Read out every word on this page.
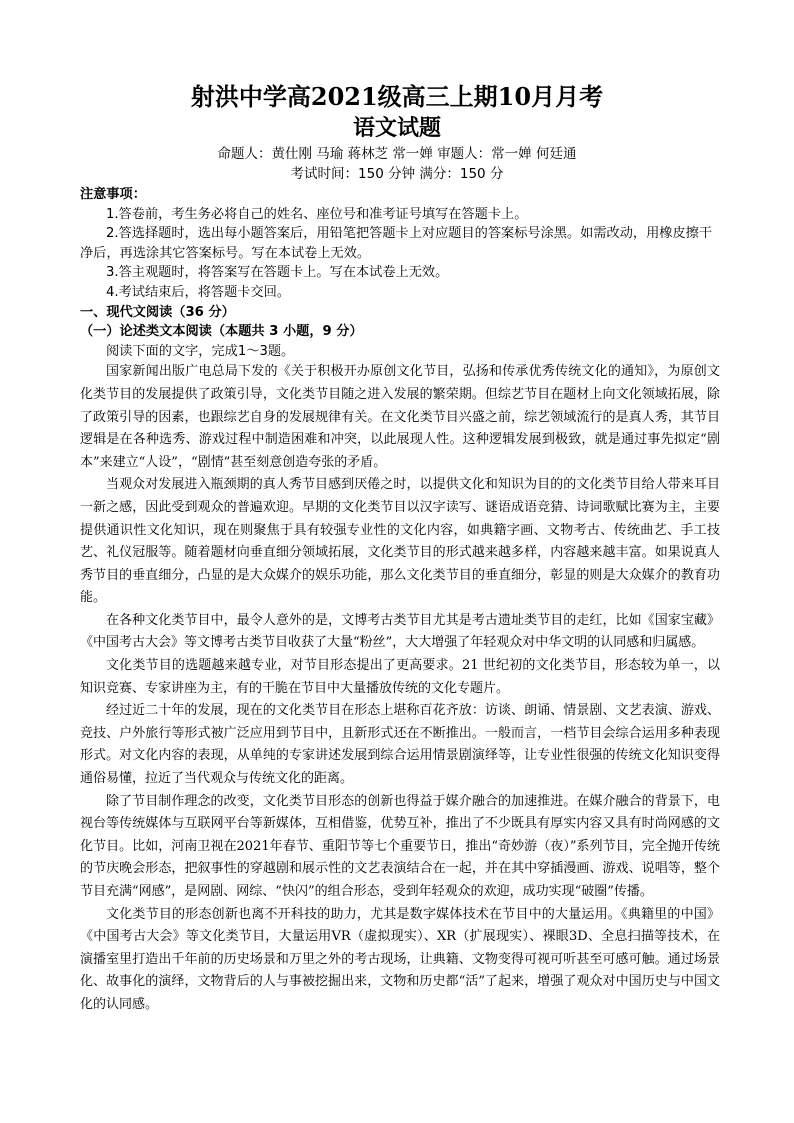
射洪中学高2021级高三上期10月月考
语文试题
命题人：黄仕刚 马瑜 蒋林芝 常一婵 审题人：常一婵 何廷通
考试时间：150 分钟 满分：150 分

注意事项：

1.答卷前，考生务必将自己的姓名、座位号和准考证号填写在答题卡上。

2.答选择题时，选出每小题答案后，用铅笔把答题卡上对应题目的答案标号涂黑。如需改动，用橡皮擦干净后，再选涂其它答案标号。写在本试卷上无效。

3.答主观题时，将答案写在答题卡上。写在本试卷上无效。

4.考试结束后，将答题卡交回。

一、现代文阅读（36 分）

（一）论述类文本阅读（本题共 3 小题，9 分）

阅读下面的文字，完成1～3题。

国家新闻出版广电总局下发的《关于积极开办原创文化节目，弘扬和传承优秀传统文化的通知》，为原创文化类节目的发展提供了政策引导，文化类节目随之进入发展的繁荣期。但综艺节目在题材上向文化领域拓展，除了政策引导的因素，也跟综艺自身的发展规律有关。在文化类节目兴盛之前，综艺领域流行的是真人秀，其节目逻辑是在各种选秀、游戏过程中制造困难和冲突，以此展现人性。这种逻辑发展到极致，就是通过事先拟定“剧本”来建立“人设”，“剧情”甚至刻意创造夸张的矛盾。

当观众对发展进入瓶颈期的真人秀节目感到厌倦之时，以提供文化和知识为目的的文化类节目给人带来耳目一新之感，因此受到观众的普遍欢迎。早期的文化类节目以汉字读写、谜语成语竞猜、诗词歌赋比赛为主，主要提供通识性文化知识，现在则聚焦于具有较强专业性的文化内容，如典籍字画、文物考古、传统曲艺、手工技艺、礼仪冠服等。随着题材向垂直细分领域拓展，文化类节目的形式越来越多样，内容越来越丰富。如果说真人秀节目的垂直细分，凸显的是大众媒介的娱乐功能，那么文化类节目的垂直细分，彰显的则是大众媒介的教育功能。

在各种文化类节目中，最令人意外的是，文博考古类节目尤其是考古遗址类节目的走红，比如《国家宝藏》《中国考古大会》等文博考古类节目收获了大量“粉丝”，大大增强了年轻观众对中华文明的认同感和归属感。

文化类节目的选题越来越专业，对节目形态提出了更高要求。21 世纪初的文化类节目，形态较为单一，以知识竞赛、专家讲座为主，有的干脆在节目中大量播放传统的文化专题片。

经过近二十年的发展，现在的文化类节目在形态上堪称百花齐放：访谈、朗诵、情景剧、文艺表演、游戏、竞技、户外旅行等形式被广泛应用到节目中，且新形式还在不断推出。一般而言，一档节目会综合运用多种表现形式。对文化内容的表现，从单纯的专家讲述发展到综合运用情景剧演绎等，让专业性很强的传统文化知识变得通俗易懂，拉近了当代观众与传统文化的距离。

除了节目制作理念的改变，文化类节目形态的创新也得益于媒介融合的加速推进。在媒介融合的背景下，电视台等传统媒体与互联网平台等新媒体，互相借鉴，优势互补，推出了不少既具有厚实内容又具有时尚网感的文化节目。比如，河南卫视在2021年春节、重阳节等七个重要节日，推出“奇妙游（夜）”系列节目，完全抛开传统的节庆晚会形态，把叙事性的穿越剧和展示性的文艺表演结合在一起，并在其中穿插漫画、游戏、说唱等，整个节目充满“网感”，是网剧、网综、“快闪”的组合形态，受到年轻观众的欢迎，成功实现“破圈”传播。

文化类节目的形态创新也离不开科技的助力，尤其是数字媒体技术在节目中的大量运用。《典籍里的中国》《中国考古大会》等文化类节目，大量运用VR（虚拟现实）、XR（扩展现实）、裸眼3D、全息扫描等技术，在演播室里打造出千年前的历史场景和万里之外的考古现场，让典籍、文物变得可视可听甚至可感可触。通过场景化、故事化的演绎，文物背后的人与事被挖掘出来，文物和历史都“活”了起来，增强了观众对中国历史与中国文化的认同感。
